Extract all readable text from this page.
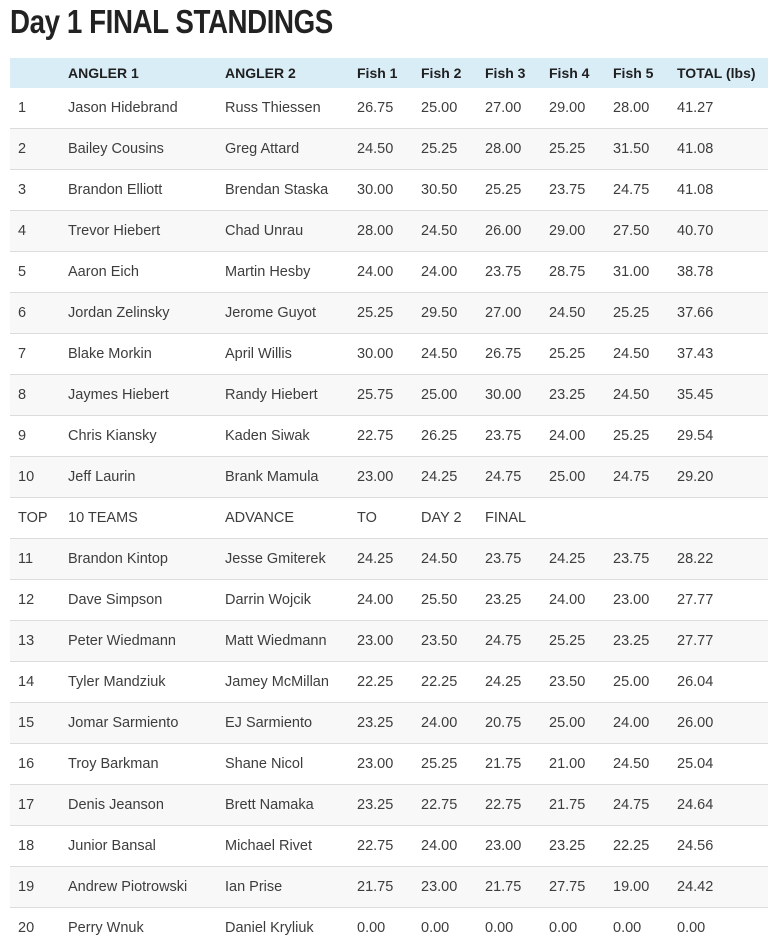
Day 1 FINAL STANDINGS
	ANGLER 1	ANGLER 2	Fish 1	Fish 2	Fish 3	Fish 4	Fish 5	TOTAL (lbs)
1	Jason Hidebrand	Russ Thiessen	26.75	25.00	27.00	29.00	28.00	41.27
2	Bailey Cousins	Greg Attard	24.50	25.25	28.00	25.25	31.50	41.08
3	Brandon Elliott	Brendan Staska	30.00	30.50	25.25	23.75	24.75	41.08
4	Trevor Hiebert	Chad Unrau	28.00	24.50	26.00	29.00	27.50	40.70
5	Aaron Eich	Martin Hesby	24.00	24.00	23.75	28.75	31.00	38.78
6	Jordan Zelinsky	Jerome Guyot	25.25	29.50	27.00	24.50	25.25	37.66
7	Blake Morkin	April Willis	30.00	24.50	26.75	25.25	24.50	37.43
8	Jaymes Hiebert	Randy Hiebert	25.75	25.00	30.00	23.25	24.50	35.45
9	Chris Kiansky	Kaden Siwak	22.75	26.25	23.75	24.00	25.25	29.54
10	Jeff Laurin	Brank Mamula	23.00	24.25	24.75	25.00	24.75	29.20
TOP	10 TEAMS	ADVANCE	TO	DAY 2	FINAL			
11	Brandon Kintop	Jesse Gmiterek	24.25	24.50	23.75	24.25	23.75	28.22
12	Dave Simpson	Darrin Wojcik	24.00	25.50	23.25	24.00	23.00	27.77
13	Peter Wiedmann	Matt Wiedmann	23.00	23.50	24.75	25.25	23.25	27.77
14	Tyler Mandziuk	Jamey McMillan	22.25	22.25	24.25	23.50	25.00	26.04
15	Jomar Sarmiento	EJ Sarmiento	23.25	24.00	20.75	25.00	24.00	26.00
16	Troy Barkman	Shane Nicol	23.00	25.25	21.75	21.00	24.50	25.04
17	Denis Jeanson	Brett Namaka	23.25	22.75	22.75	21.75	24.75	24.64
18	Junior Bansal	Michael Rivet	22.75	24.00	23.00	23.25	22.25	24.56
19	Andrew Piotrowski	Ian Prise	21.75	23.00	21.75	27.75	19.00	24.42
20	Perry Wnuk	Daniel Kryliuk	0.00	0.00	0.00	0.00	0.00	0.00
